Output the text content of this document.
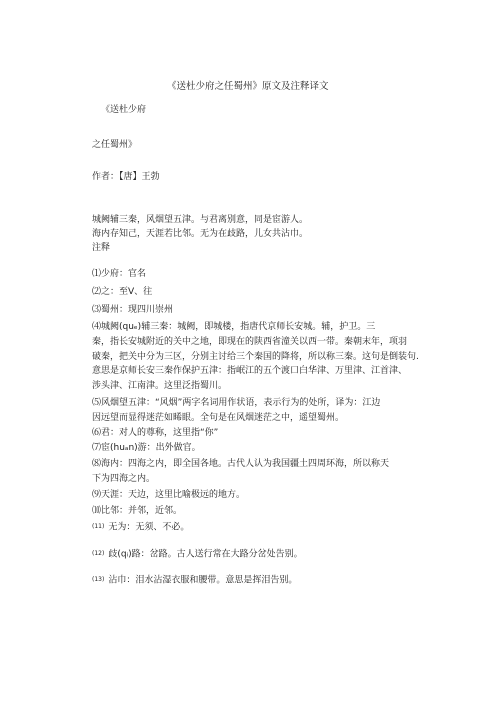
《送杜少府之任蜀州》原文及注释译文
《送杜少府
之任蜀州》
作者：【唐】王勃
城阙辅三秦，风烟望五津。与君离别意，同是宦游人。
海内存知己，天涯若比邻。无为在歧路，儿女共沾巾。
注释
⑴少府：官名
⑵之：至V、往
⑶蜀州：现四川崇州
⑷城阙(quₑ)辅三秦：城阙，即城楼，指唐代京师长安城。辅，护卫。三
秦，指长安城附近的关中之地，即现在的陕西省潼关以西一带。秦朝末年，项羽
破秦，把关中分为三区，分别主讨给三个秦国的降将，所以称三秦。这句是倒装句.
意思是京师长安三秦作保护五津：指岷江的五个渡口白华津、万里津、江首津、
涉头津、江南津。这里泛指蜀川。
⑸风烟望五津：“风烟”两字名词用作状语，表示行为的处所，译为：江边
因远望而显得迷茫如睎眼。全句是在风烟迷茫之中，遥望蜀州。
⑹君：对人的尊称，这里指“你”
⑺宦(huₐn)游：出外做官。
⑻海内：四海之内，即全国各地。古代人认为我国疆土四周环海，所以称天
下为四海之内。
⑼天涯：天边，这里比喻极远的地方。
⑽比邻：并邻，近邻。
(11) 无为：无须、不必。
(12) 歧(qᵢ)路：岔路。古人送行常在大路分岔处告别。
(13) 沾巾：泪水沾湿衣服和腰带。意思是挥泪告别。
